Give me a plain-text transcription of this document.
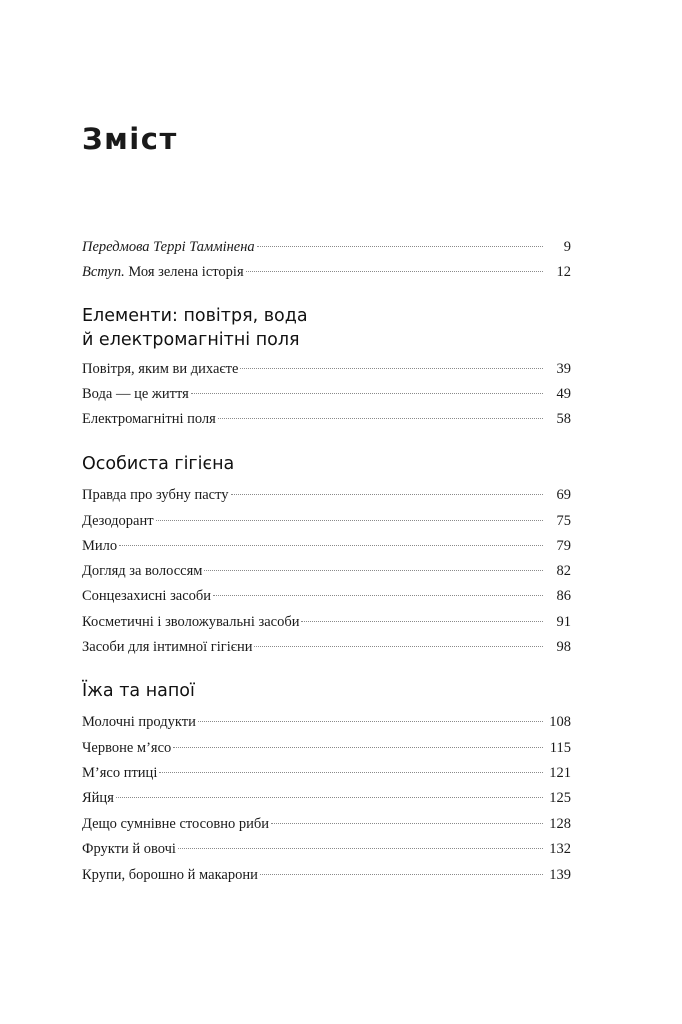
Зміст
Передмова Террі Таммінена	9
Вступ. Моя зелена історія	12
Елементи: повітря, вода
й електромагнітні поля
Повітря, яким ви дихаєте	39
Вода — це життя	49
Електромагнітні поля	58
Особиста гігієна
Правда про зубну пасту	69
Дезодорант	75
Мило	79
Догляд за волоссям	82
Сонцезахисні засоби	86
Косметичні і зволожувальні засоби	91
Засоби для інтимної гігієни	98
Їжа та напої
Молочні продукти	108
Червоне м’ясо	115
М’ясо птиці	121
Яйця	125
Дещо сумнівне стосовно риби	128
Фрукти й овочі	132
Крупи, борошно й макарони	139
